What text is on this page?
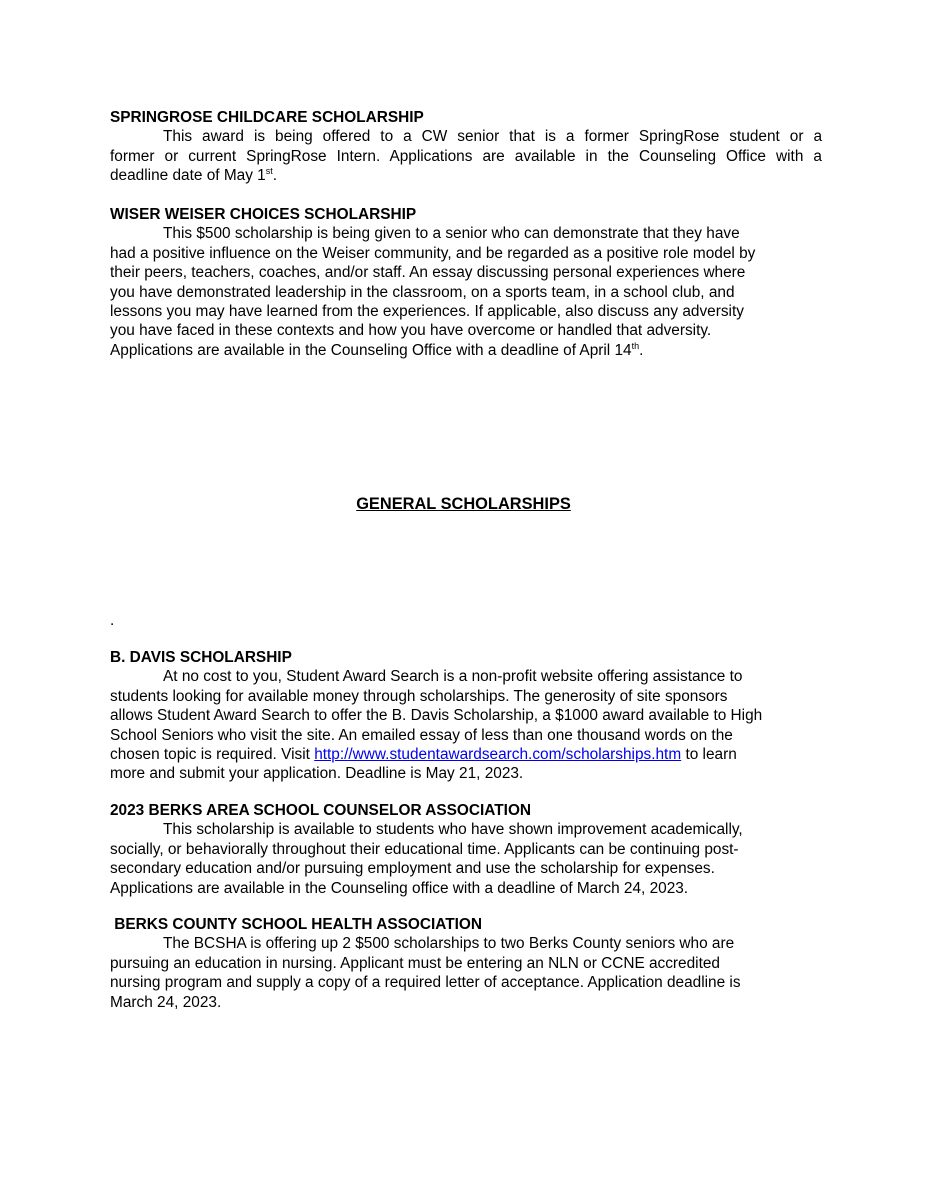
SPRINGROSE CHILDCARE SCHOLARSHIP
This award is being offered to a CW senior that is a former SpringRose student or a
former or current SpringRose Intern. Applications are available in the Counseling Office with a
deadline date of May 1st.
WISER WEISER CHOICES SCHOLARSHIP
This $500 scholarship is being given to a senior who can demonstrate that they have
had a positive influence on the Weiser community, and be regarded as a positive role model by
their peers, teachers, coaches, and/or staff. An essay discussing personal experiences where
you have demonstrated leadership in the classroom, on a sports team, in a school club, and
lessons you may have learned from the experiences. If applicable, also discuss any adversity
you have faced in these contexts and how you have overcome or handled that adversity.
Applications are available in the Counseling Office with a deadline of April 14th.
GENERAL SCHOLARSHIPS
.
B. DAVIS SCHOLARSHIP
At no cost to you, Student Award Search is a non-profit website offering assistance to
students looking for available money through scholarships. The generosity of site sponsors
allows Student Award Search to offer the B. Davis Scholarship, a $1000 award available to High
School Seniors who visit the site. An emailed essay of less than one thousand words on the
chosen topic is required. Visit http://www.studentawardsearch.com/scholarships.htm to learn
more and submit your application. Deadline is May 21, 2023.
2023 BERKS AREA SCHOOL COUNSELOR ASSOCIATION
This scholarship is available to students who have shown improvement academically,
socially, or behaviorally throughout their educational time. Applicants can be continuing post-
secondary education and/or pursuing employment and use the scholarship for expenses.
Applications are available in the Counseling office with a deadline of March 24, 2023.
BERKS COUNTY SCHOOL HEALTH ASSOCIATION
The BCSHA is offering up 2 $500 scholarships to two Berks County seniors who are
pursuing an education in nursing. Applicant must be entering an NLN or CCNE accredited
nursing program and supply a copy of a required letter of acceptance. Application deadline is
March 24, 2023.
